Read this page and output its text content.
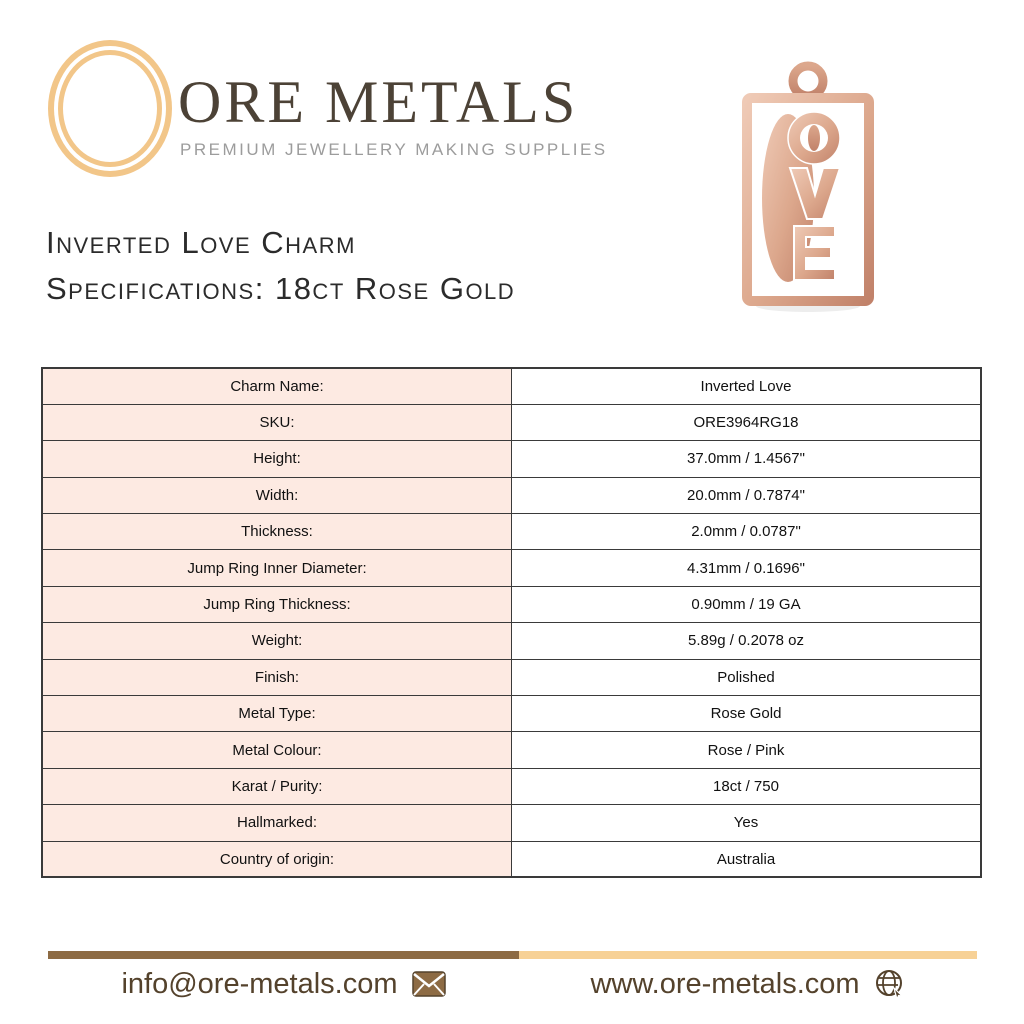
ORE METALS
PREMIUM JEWELLERY MAKING SUPPLIES
Inverted Love Charm
Specifications: 18ct Rose Gold
Charm Name:	Inverted Love
SKU:	ORE3964RG18
Height:	37.0mm / 1.4567"
Width:	20.0mm / 0.7874"
Thickness:	2.0mm / 0.0787"
Jump Ring Inner Diameter:	4.31mm / 0.1696"
Jump Ring Thickness:	0.90mm / 19 GA
Weight:	5.89g / 0.2078 oz
Finish:	Polished
Metal Type:	Rose Gold
Metal Colour:	Rose / Pink
Karat / Purity:	18ct / 750
Hallmarked:	Yes
Country of origin:	Australia
info@ore-metals.com	www.ore-metals.com
